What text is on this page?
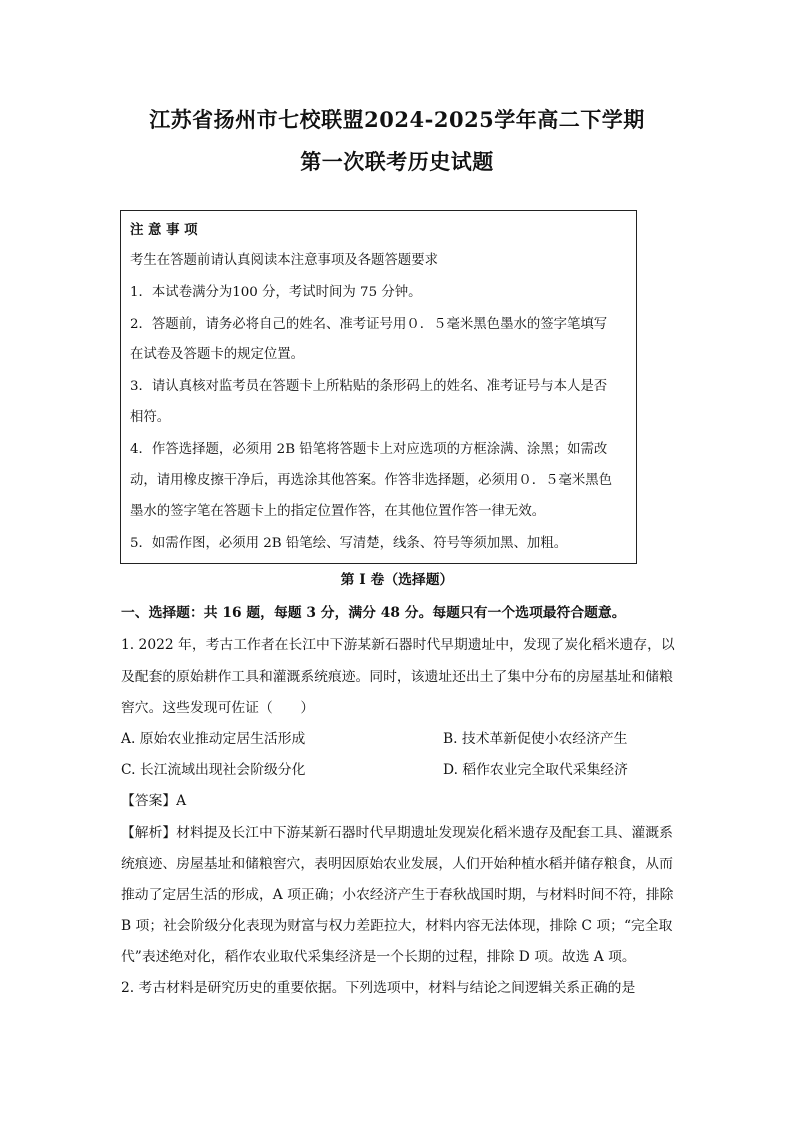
江苏省扬州市七校联盟2024-2025学年高二下学期
第一次联考历史试题
注 意 事 项
考生在答题前请认真阅读本注意事项及各题答题要求
1．本试卷满分为100 分，考试时间为 75 分钟。
2．答题前，请务必将自己的姓名、准考证号用０．５毫米黑色墨水的签字笔填写
在试卷及答题卡的规定位置。
3．请认真核对监考员在答题卡上所粘贴的条形码上的姓名、准考证号与本人是否
相符。
4．作答选择题，必须用 2B 铅笔将答题卡上对应选项的方框涂满、涂黑；如需改
动，请用橡皮擦干净后，再选涂其他答案。作答非选择题，必须用０．５毫米黑色
墨水的签字笔在答题卡上的指定位置作答，在其他位置作答一律无效。
5．如需作图，必须用 2B 铅笔绘、写清楚，线条、符号等须加黑、加粗。
第 I 卷（选择题）
一、选择题：共 16 题，每题 3 分，满分 48 分。每题只有一个选项最符合题意。
1. 2022 年，考古工作者在长江中下游某新石器时代早期遗址中，发现了炭化稻米遗存，以
及配套的原始耕作工具和灌溉系统痕迹。同时，该遗址还出土了集中分布的房屋基址和储粮
窖穴。这些发现可佐证（　　）
A. 原始农业推动定居生活形成	B. 技术革新促使小农经济产生
C. 长江流域出现社会阶级分化	D. 稻作农业完全取代采集经济
【答案】A
【解析】材料提及长江中下游某新石器时代早期遗址发现炭化稻米遗存及配套工具、灌溉系
统痕迹、房屋基址和储粮窖穴，表明因原始农业发展，人们开始种植水稻并储存粮食，从而
推动了定居生活的形成，A 项正确；小农经济产生于春秋战国时期，与材料时间不符，排除
B 项；社会阶级分化表现为财富与权力差距拉大，材料内容无法体现，排除 C 项；“完全取
代”表述绝对化，稻作农业取代采集经济是一个长期的过程，排除 D 项。故选 A 项。
2. 考古材料是研究历史的重要依据。下列选项中，材料与结论之间逻辑关系正确的是
